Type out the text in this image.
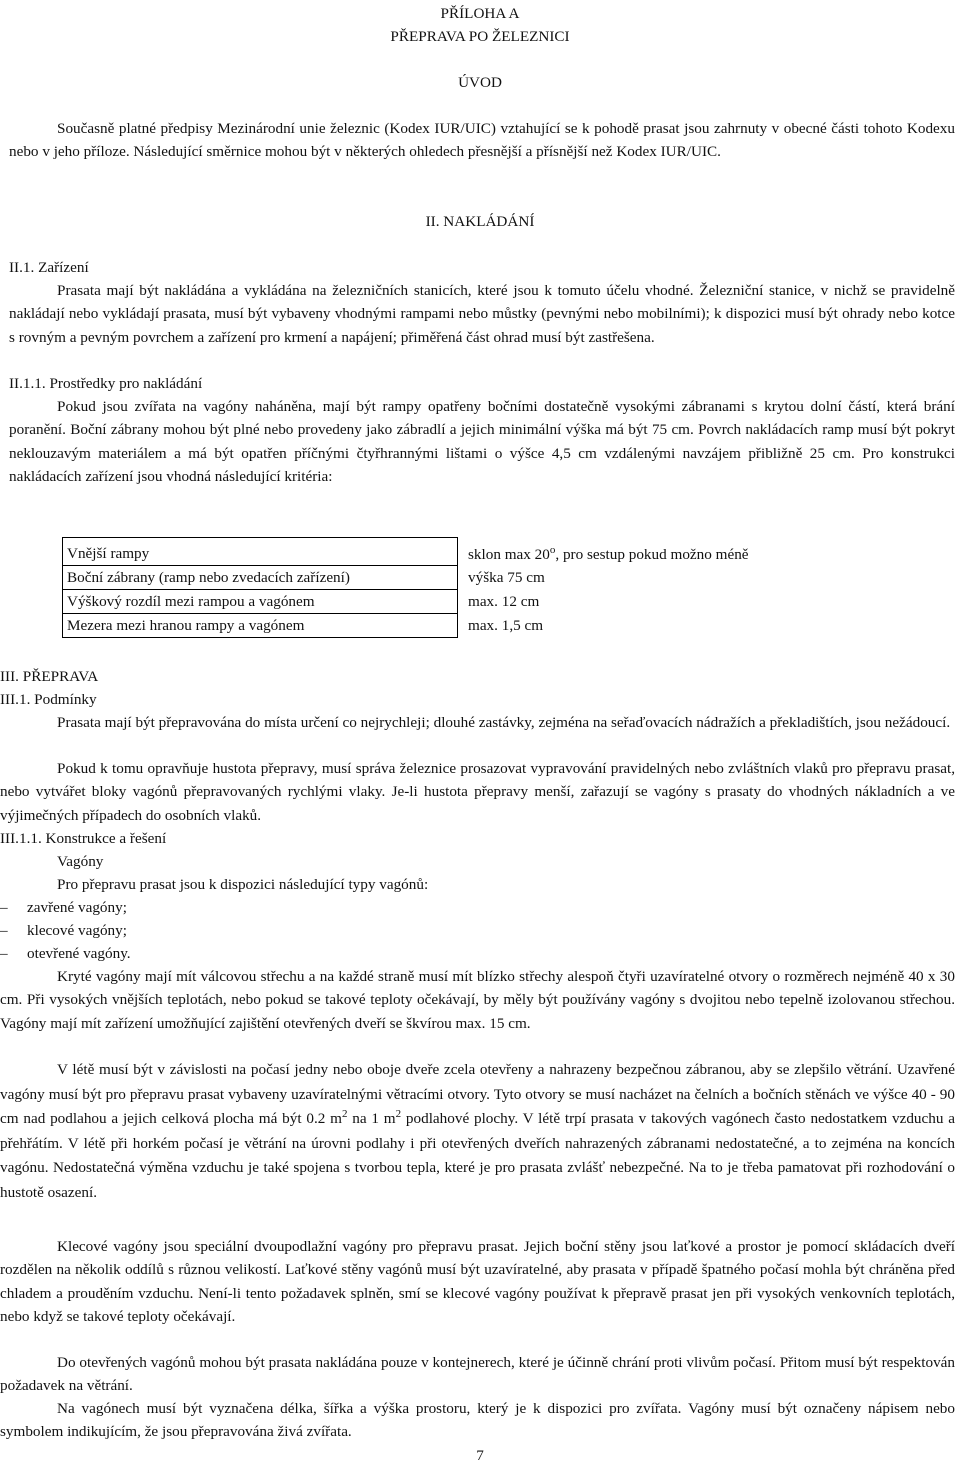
PŘÍLOHA A
PŘEPRAVA PO ŽELEZNICI
ÚVOD
Současně platné předpisy Mezinárodní unie železnic (Kodex IUR/UIC) vztahující se k pohodě prasat jsou zahrnuty v obecné části tohoto Kodexu nebo v jeho příloze. Následující směrnice mohou být v některých ohledech přesnější a přísnější než Kodex IUR/UIC.
II. NAKLÁDÁNÍ
II.1. Zařízení
Prasata mají být nakládána a vykládána na železničních stanicích, které jsou k tomuto účelu vhodné. Železniční stanice, v nichž se pravidelně nakládají nebo vykládají prasata, musí být vybaveny vhodnými rampami nebo můstky (pevnými nebo mobilními); k dispozici musí být ohrady nebo kotce s rovným a pevným povrchem a zařízení pro krmení a napájení; přiměřená část ohrad musí být zastřešena.
II.1.1. Prostředky pro nakládání
Pokud jsou zvířata na vagóny naháněna, mají být rampy opatřeny bočními dostatečně vysokými zábranami s krytou dolní částí, která brání poranění. Boční zábrany mohou být plné nebo provedeny jako zábradlí a jejich minimální výška má být 75 cm. Povrch nakládacích ramp musí být pokryt neklouzavým materiálem a má být opatřen příčnými čtyřhrannými lištami o výšce 4,5 cm vzdálenými navzájem přibližně 25 cm. Pro konstrukci nakládacích zařízení jsou vhodná následující kritéria:
Vnější rampy	sklon max 20$^o$, pro sestup pokud možno méně
Boční zábrany (ramp nebo zvedacích zařízení)	výška 75 cm
Výškový rozdíl mezi rampou a vagónem	max. 12 cm
Mezera mezi hranou rampy a vagónem	max. 1,5 cm
III. PŘEPRAVA
III.1. Podmínky
Prasata mají být přepravována do místa určení co nejrychleji; dlouhé zastávky, zejména na seřaďovacích nádražích a překladištích, jsou nežádoucí.
Pokud k tomu opravňuje hustota přepravy, musí správa železnice prosazovat vypravování pravidelných nebo zvláštních vlaků pro přepravu prasat, nebo vytvářet bloky vagónů přepravovaných rychlými vlaky. Je-li hustota přepravy menší, zařazují se vagóny s prasaty do vhodných nákladních a ve výjimečných případech do osobních vlaků.
III.1.1. Konstrukce a řešení
Vagóny
Pro přepravu prasat jsou k dispozici následující typy vagónů:
– zavřené vagóny;
– klecové vagóny;
– otevřené vagóny.
Kryté vagóny mají mít válcovou střechu a na každé straně musí mít blízko střechy alespoň čtyři uzavíratelné otvory o rozměrech nejméně 40 x 30 cm. Při vysokých vnějších teplotách, nebo pokud se takové teploty očekávají, by měly být používány vagóny s dvojitou nebo tepelně izolovanou střechou. Vagóny mají mít zařízení umožňující zajištění otevřených dveří se škvírou max. 15 cm.
V létě musí být v závislosti na počasí jedny nebo oboje dveře zcela otevřeny a nahrazeny bezpečnou zábranou, aby se zlepšilo větrání. Uzavřené vagóny musí být pro přepravu prasat vybaveny uzavíratelnými větracími otvory. Tyto otvory se musí nacházet na čelních a bočních stěnách ve výšce 40 - 90 cm nad podlahou a jejich celková plocha má být 0.2 $m^2$ na 1 $m^2$ podlahové plochy. V létě trpí prasata v takových vagónech často nedostatkem vzduchu a přehřátím. V létě při horkém počasí je větrání na úrovni podlahy i při otevřených dveřích nahrazených zábranami nedostatečné, a to zejména na koncích vagónu. Nedostatečná výměna vzduchu je také spojena s tvorbou tepla, které je pro prasata zvlášť nebezpečné. Na to je třeba pamatovat při rozhodování o hustotě osazení.
Klecové vagóny jsou speciální dvoupodlažní vagóny pro přepravu prasat. Jejich boční stěny jsou laťkové a prostor je pomocí skládacích dveří rozdělen na několik oddílů s různou velikostí. Laťkové stěny vagónů musí být uzavíratelné, aby prasata v případě špatného počasí mohla být chráněna před chladem a prouděním vzduchu. Není-li tento požadavek splněn, smí se klecové vagóny používat k přepravě prasat jen při vysokých venkovních teplotách, nebo když se takové teploty očekávají.
Do otevřených vagónů mohou být prasata nakládána pouze v kontejnerech, které je účinně chrání proti vlivům počasí. Přitom musí být respektován požadavek na větrání.
Na vagónech musí být vyznačena délka, šířka a výška prostoru, který je k dispozici pro zvířata. Vagóny musí být označeny nápisem nebo symbolem indikujícím, že jsou přepravována živá zvířata.
7
